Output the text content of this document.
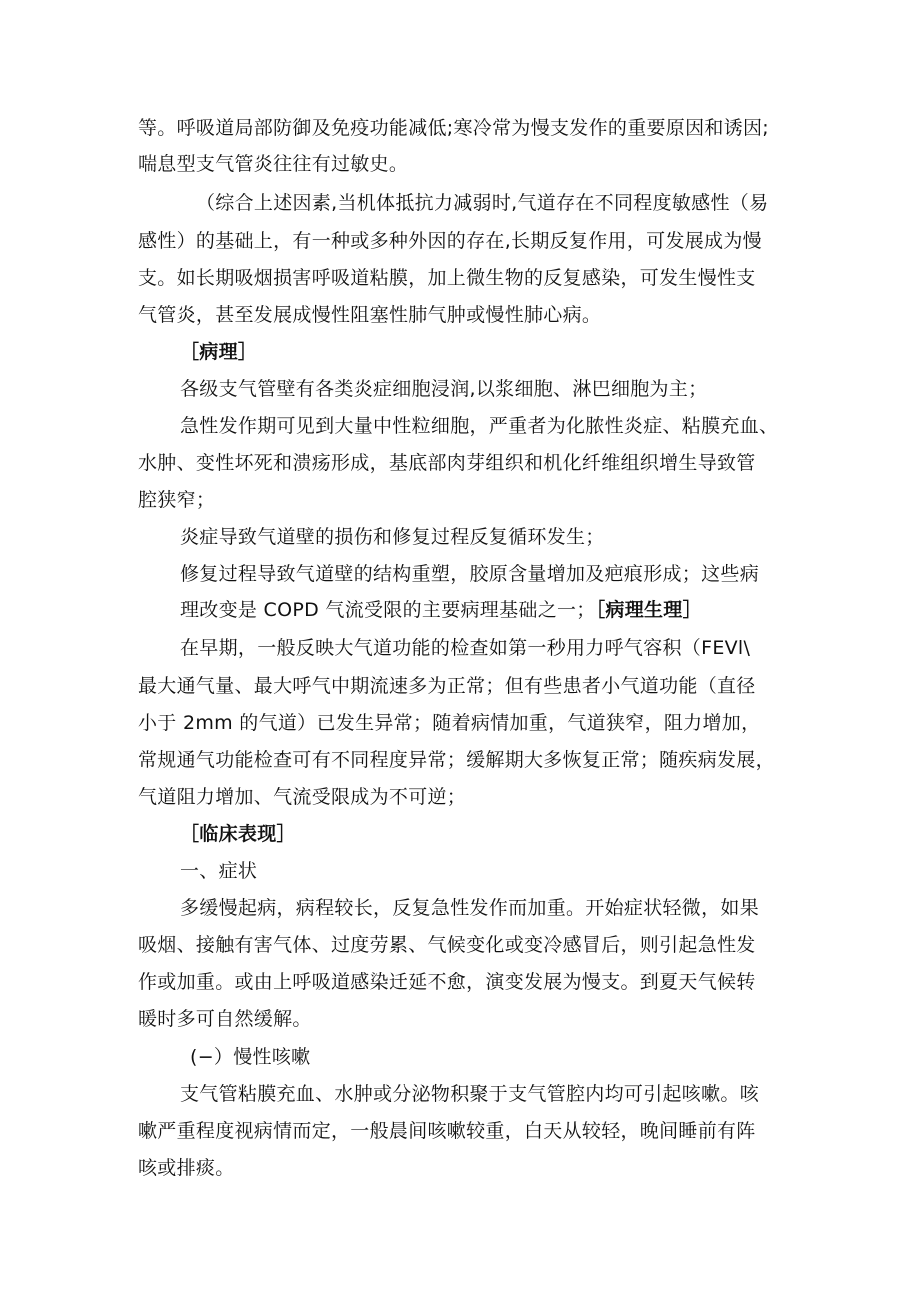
等。呼吸道局部防御及免疫功能减低;寒冷常为慢支发作的重要原因和诱因;
喘息型支气管炎往往有过敏史。
（综合上述因素,当机体抵抗力减弱时,气道存在不同程度敏感性（易
感性）的基础上，有一种或多种外因的存在,长期反复作用，可发展成为慢
支。如长期吸烟损害呼吸道粘膜，加上微生物的反复感染，可发生慢性支
气管炎，甚至发展成慢性阻塞性肺气肿或慢性肺心病。
［病理］
各级支气管壁有各类炎症细胞浸润,以浆细胞、淋巴细胞为主；
急性发作期可见到大量中性粒细胞，严重者为化脓性炎症、粘膜充血、
水肿、变性坏死和溃疡形成，基底部肉芽组织和机化纤维组织增生导致管
腔狭窄；
炎症导致气道壁的损伤和修复过程反复循环发生；
修复过程导致气道壁的结构重塑，胶原含量增加及疤痕形成；这些病
理改变是 COPD 气流受限的主要病理基础之一；［病理生理］
在早期，一般反映大气道功能的检查如第一秒用力呼气容积（FEVl\
最大通气量、最大呼气中期流速多为正常；但有些患者小气道功能（直径
小于 2mm 的气道）已发生异常；随着病情加重，气道狭窄，阻力增加，
常规通气功能检查可有不同程度异常；缓解期大多恢复正常；随疾病发展，
气道阻力增加、气流受限成为不可逆；
［临床表现］
一、症状
多缓慢起病，病程较长，反复急性发作而加重。开始症状轻微，如果
吸烟、接触有害气体、过度劳累、气候变化或变冷感冒后，则引起急性发
作或加重。或由上呼吸道感染迁延不愈，演变发展为慢支。到夏天气候转
暖时多可自然缓解。
(−）慢性咳嗽
支气管粘膜充血、水肿或分泌物积聚于支气管腔内均可引起咳嗽。咳
嗽严重程度视病情而定，一般晨间咳嗽较重，白天从较轻，晚间睡前有阵
咳或排痰。
